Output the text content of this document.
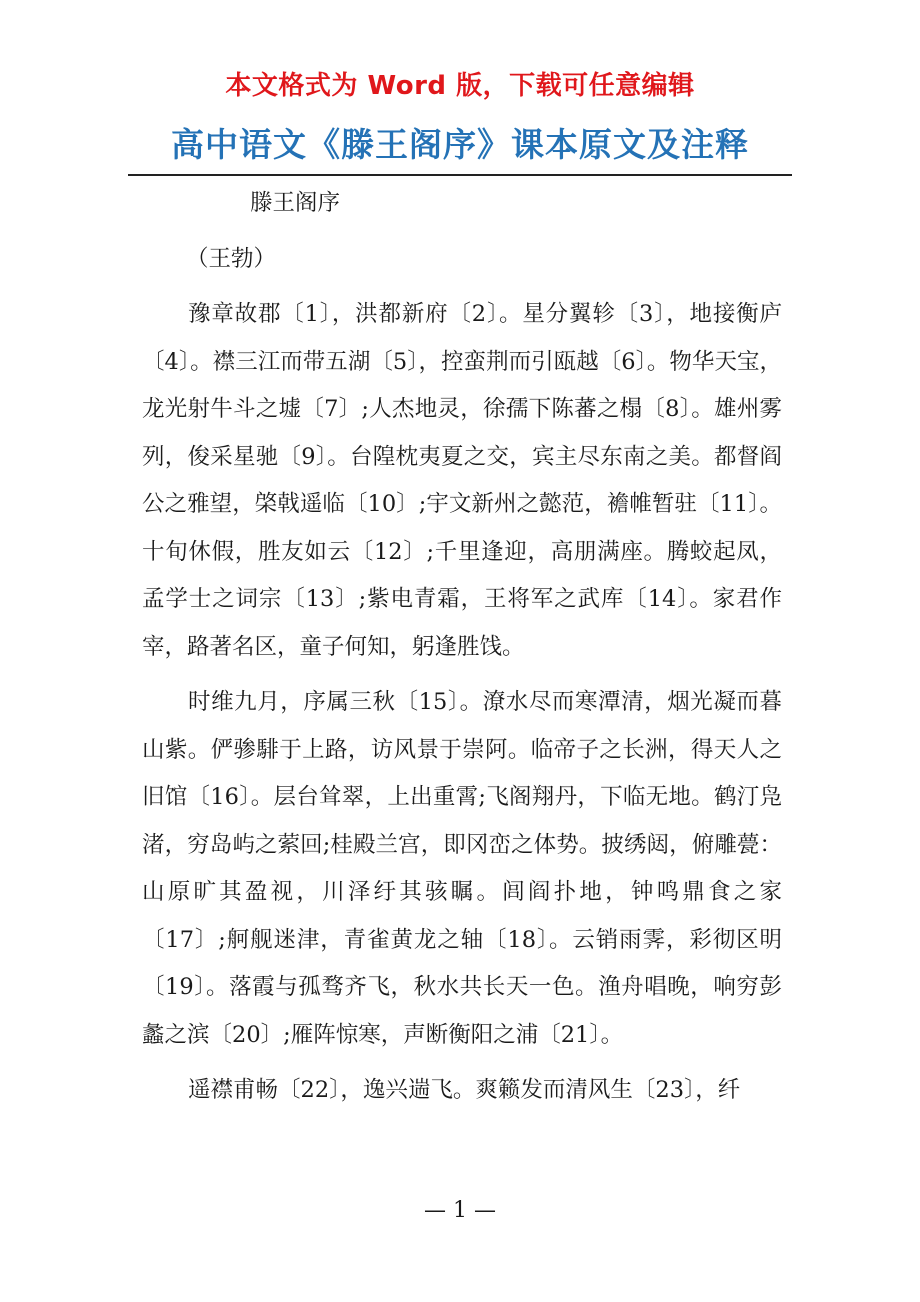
本文格式为 Word 版，下载可任意编辑
高中语文《滕王阁序》课本原文及注释

滕王阁序

（王勃）

豫章故郡〔1〕，洪都新府〔2〕。星分翼轸〔3〕，地接衡庐〔4〕。襟三江而带五湖〔5〕，控蛮荆而引瓯越〔6〕。物华天宝，龙光射牛斗之墟〔7〕;人杰地灵，徐孺下陈蕃之榻〔8〕。雄州雾列，俊采星驰〔9〕。台隍枕夷夏之交，宾主尽东南之美。都督阎公之雅望，棨戟遥临〔10〕;宇文新州之懿范，襜帷暂驻〔11〕。十旬休假，胜友如云〔12〕;千里逢迎，高朋满座。腾蛟起凤，孟学士之词宗〔13〕;紫电青霜，王将军之武库〔14〕。家君作宰，路著名区，童子何知，躬逢胜饯。

时维九月，序属三秋〔15〕。潦水尽而寒潭清，烟光凝而暮山紫。俨骖騑于上路，访风景于崇阿。临帝子之长洲，得天人之旧馆〔16〕。层台耸翠，上出重霄;飞阁翔丹，下临无地。鹤汀凫渚，穷岛屿之萦回;桂殿兰宫，即冈峦之体势。披绣闼，俯雕甍：山原旷其盈视，川泽纡其骇瞩。闾阎扑地，钟鸣鼎食之家〔17〕;舸舰迷津，青雀黄龙之轴〔18〕。云销雨霁，彩彻区明〔19〕。落霞与孤骛齐飞，秋水共长天一色。渔舟唱晚，响穷彭蠡之滨〔20〕;雁阵惊寒，声断衡阳之浦〔21〕。

遥襟甫畅〔22〕，逸兴遄飞。爽籁发而清风生〔23〕，纤

— 1 —
